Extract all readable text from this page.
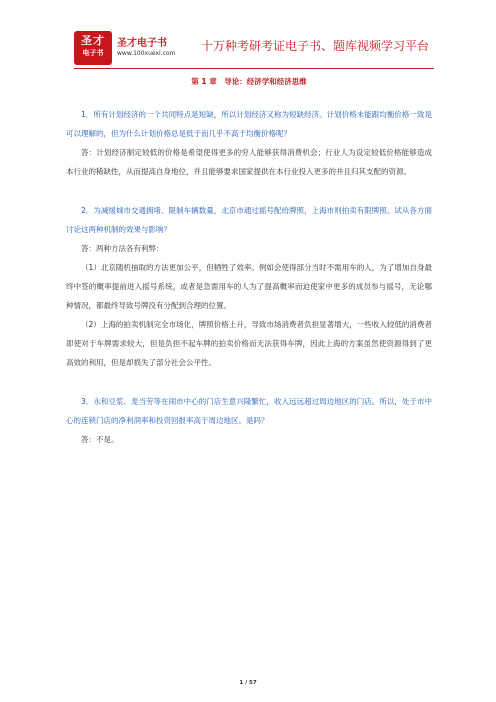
圣才
电子书
圣才电子书
www.100xuexi.com
十万种考研考证电子书、题库视频学习平台
第 1 章　导论：经济学和经济思维

1．所有计划经济的一个共同特点是短缺，所以计划经济又称为短缺经济。计划价格未能跟均衡价格一致是可以理解的，但为什么计划价格总是低于而几乎不高于均衡价格呢？

答：计划经济制定较低的价格是希望使得更多的穷人能够获得消费机会；行业人为设定较低价格能够造成本行业的稀缺性，从而提高自身地位，并且能够要求国家提供在本行业投入更多的并且归其支配的资源。

2．为减缓城市交通拥堵、限制车辆数量，北京市通过摇号配给牌照，上海市则拍卖有限牌照。试从各方面讨论这两种机制的效果与影响？

答：两种方法各有利弊：

（1）北京随机抽取的方法更加公平，但牺牲了效率。例如会使得部分当时不需用车的人，为了增加自身最终中签的概率提前进入摇号系统，或者是急需用车的人为了提高概率而迫使家中更多的成员参与摇号，无论哪种情况，都最终导致号牌没有分配到合理的位置。

（2）上海的拍卖机制完全市场化，牌照价格上升，导致市场消费者负担显著增大，一些收入较低的消费者即使对于车牌需求较大，但是负担不起车牌的拍卖价格而无法获得车牌，因此上海的方案虽然使资源得到了更高效的利用，但是却损失了部分社会公平性。

3．永和豆浆、麦当劳等在闹市中心的门店生意兴隆繁忙，收入远远超过周边地区的门店。所以，处于市中心的连锁门店的净利润率和投资回报率高于周边地区。是吗？

答：不是。

1 / 57
